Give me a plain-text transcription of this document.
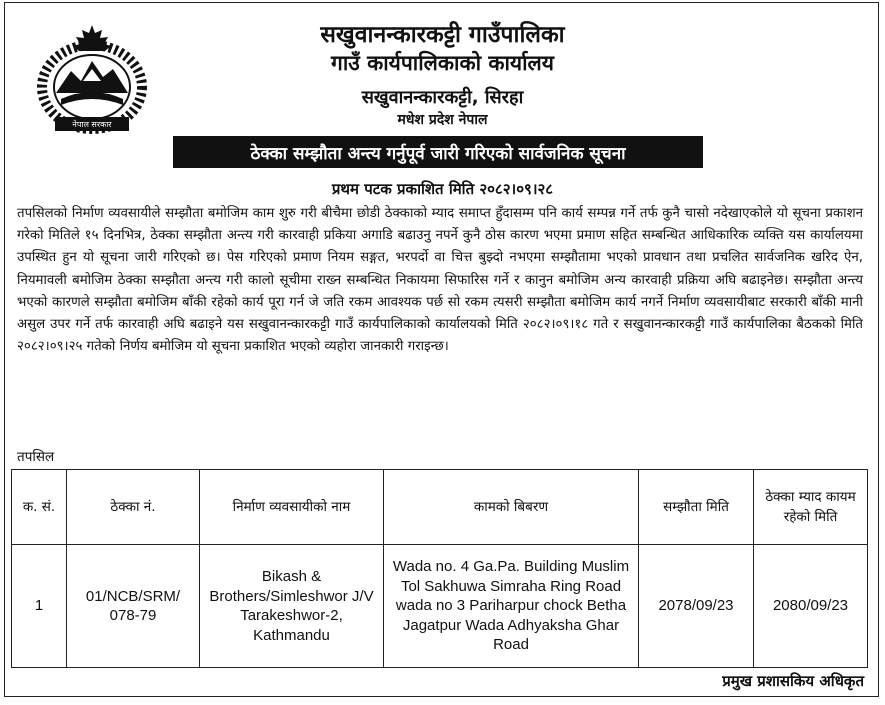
नेपाल सरकार
सखुवानन्कारकट्टी गाउँपालिका
गाउँ कार्यपालिकाको कार्यालय
सखुवानन्कारकट्टी, सिरहा
मधेश प्रदेश नेपाल
ठेक्का सम्झौता अन्त्य गर्नुपूर्व जारी गरिएको सार्वजनिक सूचना
प्रथम पटक प्रकाशित मिति २०८२।०९।२८
तपसिलको निर्माण व्यवसायीले सम्झौता बमोजिम काम शुरु गरी बीचैमा छोडी ठेक्काको म्याद समाप्त हुँदासम्म पनि कार्य सम्पन्न गर्ने तर्फ कुनै चासो नदेखाएकोले यो सूचना प्रकाशन गरेको मितिले १५ दिनभित्र, ठेक्का सम्झौता अन्त्य गरी कारवाही प्रकिया अगाडि बढाउनु नपर्ने कुनै ठोस कारण भएमा प्रमाण सहित सम्बन्धित आधिकारिक व्यक्ति यस कार्यालयमा उपस्थित हुन यो सूचना जारी गरिएको छ। पेस गरिएको प्रमाण नियम सङ्गत, भरपर्दो वा चित्त बुझ्दो नभएमा सम्झौतामा भएको प्रावधान तथा प्रचलित सार्वजनिक खरिद ऐन, नियमावली बमोजिम ठेक्का सम्झौता अन्त्य गरी कालो सूचीमा राख्न सम्बन्धित निकायमा सिफारिस गर्ने र कानुन बमोजिम अन्य कारवाही प्रक्रिया अघि बढाइनेछ। सम्झौता अन्त्य भएको कारणले सम्झौता बमोजिम बाँकी रहेको कार्य पूरा गर्न जे जति रकम आवश्यक पर्छ सो रकम त्यसरी सम्झौता बमोजिम कार्य नगर्ने निर्माण व्यवसायीबाट सरकारी बाँकी मानी असुल उपर गर्ने तर्फ कारवाही अघि बढाइने यस सखुवानन्कारकट्टी गाउँ कार्यपालिकाको कार्यालयको मिति २०८२।०९।१८ गते र सखुवानन्कारकट्टी गाउँ कार्यपालिका बैठकको मिति २०८२।०९।२५ गतेको निर्णय बमोजिम यो सूचना प्रकाशित भएको व्यहोरा जानकारी गराइन्छ।
तपसिल
क. सं.	ठेक्का नं.	निर्माण व्यवसायीको नाम	कामको बिबरण	सम्झौता मिति	ठेक्का म्याद कायम रहेको मिति
1	01/NCB/SRM/ 078-79	Bikash & Brothers/Simleshwor J/V Tarakeshwor-2, Kathmandu	Wada no. 4 Ga.Pa. Building Muslim Tol Sakhuwa Simraha Ring Road wada no 3 Pariharpur chock Betha Jagatpur Wada Adhyaksha Ghar Road	2078/09/23	2080/09/23
प्रमुख प्रशासकिय अधिकृत
